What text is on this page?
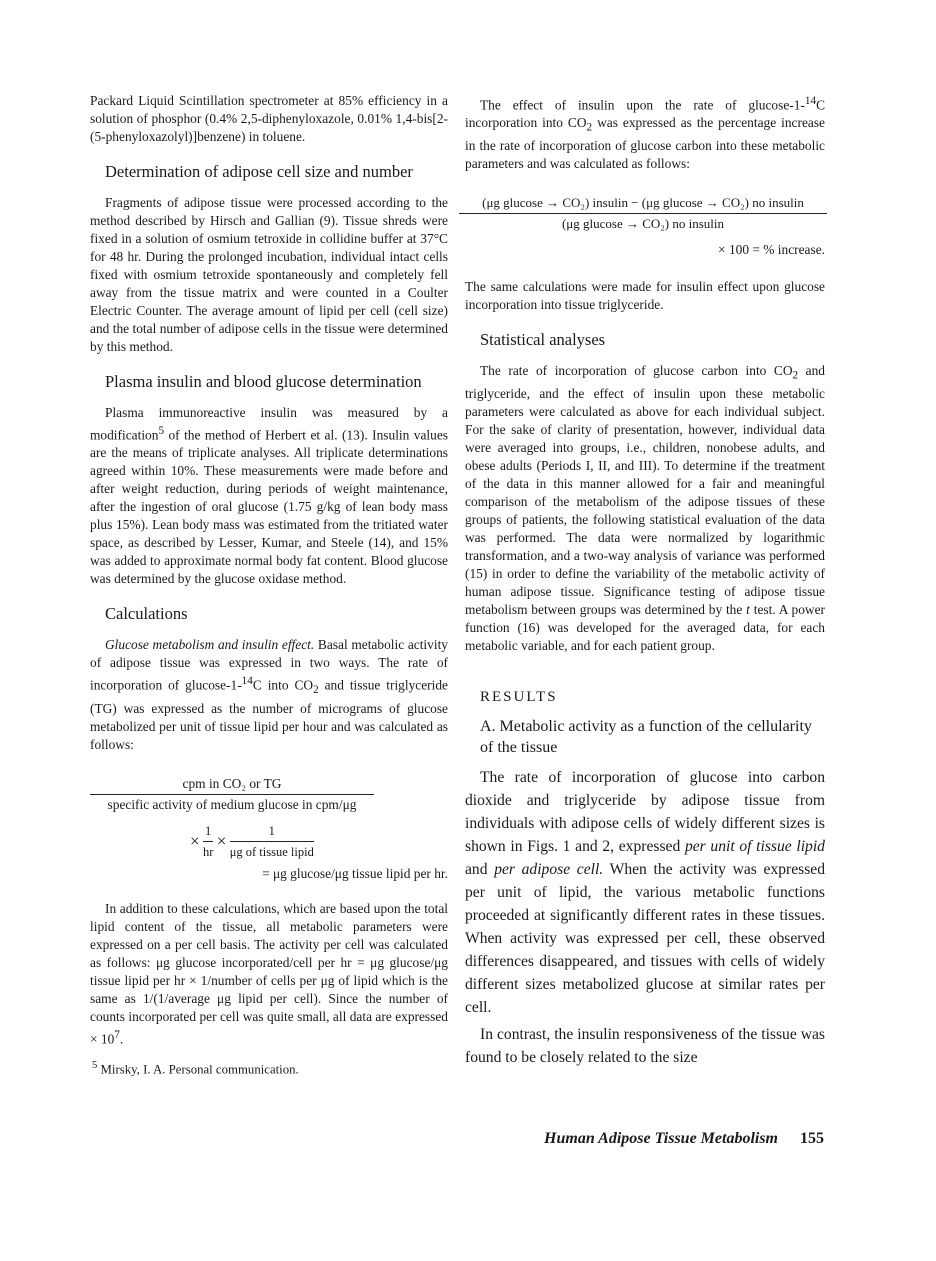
Packard Liquid Scintillation spectrometer at 85% efficiency in a solution of phosphor (0.4% 2,5-diphenyloxazole, 0.01% 1,4-bis[2-(5-phenyloxazolyl)]benzene) in toluene.

Determination of adipose cell size and number

Fragments of adipose tissue were processed according to the method described by Hirsch and Gallian (9). Tissue shreds were fixed in a solution of osmium tetroxide in collidine buffer at 37°C for 48 hr. During the prolonged incubation, individual intact cells fixed with osmium tetroxide spontaneously and completely fell away from the tissue matrix and were counted in a Coulter Electric Counter. The average amount of lipid per cell (cell size) and the total number of adipose cells in the tissue were determined by this method.

Plasma insulin and blood glucose determination

Plasma immunoreactive insulin was measured by a modification$^5$ of the method of Herbert et al. (13). Insulin values are the means of triplicate analyses. All triplicate determinations agreed within 10%. These measurements were made before and after weight reduction, during periods of weight maintenance, after the ingestion of oral glucose (1.75 g/kg of lean body mass plus 15%). Lean body mass was estimated from the tritiated water space, as described by Lesser, Kumar, and Steele (14), and 15% was added to approximate normal body fat content. Blood glucose was determined by the glucose oxidase method.

Calculations

Glucose metabolism and insulin effect. Basal metabolic activity of adipose tissue was expressed in two ways. The rate of incorporation of glucose-1-$^{14}$C into $CO_2$ and tissue triglyceride (TG) was expressed as the number of micrograms of glucose metabolized per unit of tissue lipid per hour and was calculated as follows:

$\frac{\text{cpm in CO₂ or TG}}{\text{specific activity of medium glucose in cpm/μg}}$
× $\frac{1}{hr} \times \frac{1}{\text{μg of tissue lipid}}$
= μg glucose/μg tissue lipid per hr.

In addition to these calculations, which are based upon the total lipid content of the tissue, all metabolic parameters were expressed on a per cell basis. The activity per cell was calculated as follows: μg glucose incorporated/cell per hr = μg glucose/μg tissue lipid per hr × 1/number of cells per μg of lipid which is the same as 1/(1/average μg lipid per cell). Since the number of counts incorporated per cell was quite small, all data are expressed × $10^7$.

$^5$ Mirsky, I. A. Personal communication.

The effect of insulin upon the rate of glucose-1-$^{14}$C incorporation into $CO_2$ was expressed as the percentage increase in the rate of incorporation of glucose carbon into these metabolic parameters and was calculated as follows:

$\frac{\text{(μg glucose → CO₂) insulin − (μg glucose → CO₂) no insulin}}{\text{(μg glucose → CO₂) no insulin}}$
× 100 = % increase.

The same calculations were made for insulin effect upon glucose incorporation into tissue triglyceride.

Statistical analyses

The rate of incorporation of glucose carbon into $CO_2$ and triglyceride, and the effect of insulin upon these metabolic parameters were calculated as above for each individual subject. For the sake of clarity of presentation, however, individual data were averaged into groups, i.e., children, nonobese adults, and obese adults (Periods I, II, and III). To determine if the treatment of the data in this manner allowed for a fair and meaningful comparison of the metabolism of the adipose tissues of these groups of patients, the following statistical evaluation of the data was performed. The data were normalized by logarithmic transformation, and a two-way analysis of variance was performed (15) in order to define the variability of the metabolic activity of human adipose tissue. Significance testing of adipose tissue metabolism between groups was determined by the t test. A power function (16) was developed for the averaged data, for each metabolic variable, and for each patient group.

RESULTS
A. Metabolic activity as a function of the cellularity of the tissue

The rate of incorporation of glucose into carbon dioxide and triglyceride by adipose tissue from individuals with adipose cells of widely different sizes is shown in Figs. 1 and 2, expressed per unit of tissue lipid and per adipose cell. When the activity was expressed per unit of lipid, the various metabolic functions proceeded at significantly different rates in these tissues. When activity was expressed per cell, these observed differences disappeared, and tissues with cells of widely different sizes metabolized glucose at similar rates per cell.

In contrast, the insulin responsiveness of the tissue was found to be closely related to the size

Human Adipose Tissue Metabolism 155
